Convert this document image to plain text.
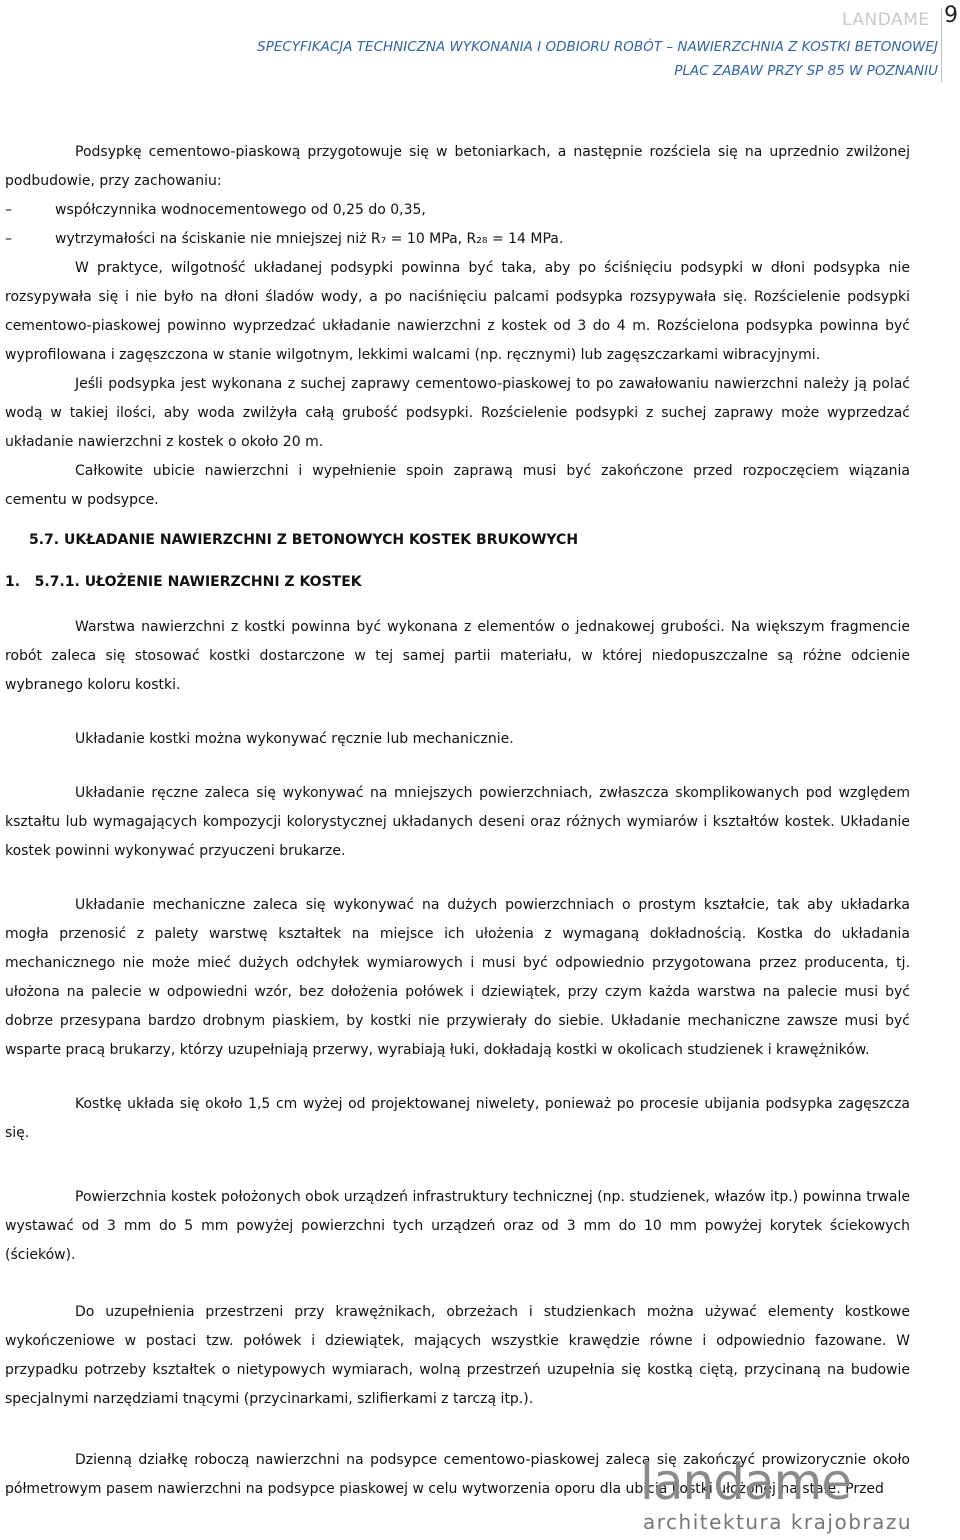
LANDAME 9
SPECYFIKACJA TECHNICZNA WYKONANIA I ODBIORU ROBÓT – NAWIERZCHNIA Z KOSTKI BETONOWEJ
PLAC ZABAW PRZY SP 85 W POZNANIU

Podsypkę cementowo-piaskową przygotowuje się w betoniarkach, a następnie rozściela się na uprzednio zwilżonej podbudowie, przy zachowaniu:

–	współczynnika wodnocementowego od 0,25 do 0,35,
–	wytrzymałości na ściskanie nie mniejszej niż R₇ = 10 MPa, R₂₈ = 14 MPa.

W praktyce, wilgotność układanej podsypki powinna być taka, aby po ściśnięciu podsypki w dłoni podsypka nie rozsypywała się i nie było na dłoni śladów wody, a po naciśnięciu palcami podsypka rozsypywała się. Rozścielenie podsypki cementowo-piaskowej powinno wyprzedzać układanie nawierzchni z kostek od 3 do 4 m. Rozścielona podsypka powinna być wyprofilowana i zagęszczona w stanie wilgotnym, lekkimi walcami (np. ręcznymi) lub zagęszczarkami wibracyjnymi.

Jeśli podsypka jest wykonana z suchej zaprawy cementowo-piaskowej to po zawałowaniu nawierzchni należy ją polać wodą w takiej ilości, aby woda zwilżyła całą grubość podsypki. Rozścielenie podsypki z suchej zaprawy może wyprzedzać układanie nawierzchni z kostek o około 20 m.

Całkowite ubicie nawierzchni i wypełnienie spoin zaprawą musi być zakończone przed rozpoczęciem wiązania cementu w podsypce.

5.7. UKŁADANIE NAWIERZCHNI Z BETONOWYCH KOSTEK BRUKOWYCH
1.   5.7.1. UŁOŻENIE NAWIERZCHNI Z KOSTEK

Warstwa nawierzchni z kostki powinna być wykonana z elementów o jednakowej grubości. Na większym fragmencie robót zaleca się stosować kostki dostarczone w tej samej partii materiału, w której niedopuszczalne są różne odcienie wybranego koloru kostki.

Układanie kostki można wykonywać ręcznie lub mechanicznie.

Układanie ręczne zaleca się wykonywać na mniejszych powierzchniach, zwłaszcza skomplikowanych pod względem kształtu lub wymagających kompozycji kolorystycznej układanych deseni oraz różnych wymiarów i kształtów kostek. Układanie kostek powinni wykonywać przyuczeni brukarze.

Układanie mechaniczne zaleca się wykonywać na dużych powierzchniach o prostym kształcie, tak aby układarka mogła przenosić z palety warstwę kształtek na miejsce ich ułożenia z wymaganą dokładnością. Kostka do układania mechanicznego nie może mieć dużych odchyłek wymiarowych i musi być odpowiednio przygotowana przez producenta, tj. ułożona na palecie w odpowiedni wzór, bez dołożenia połówek i dziewiątek, przy czym każda warstwa na palecie musi być dobrze przesypana bardzo drobnym piaskiem, by kostki nie przywierały do siebie. Układanie mechaniczne zawsze musi być wsparte pracą brukarzy, którzy uzupełniają przerwy, wyrabiają łuki, dokładają kostki w okolicach studzienek i krawężników.

Kostkę układa się około 1,5 cm wyżej od projektowanej niwelety, ponieważ po procesie ubijania podsypka zagęszcza się.

Powierzchnia kostek położonych obok urządzeń infrastruktury technicznej (np. studzienek, włazów itp.) powinna trwale wystawać od 3 mm do 5 mm powyżej powierzchni tych urządzeń oraz od 3 mm do 10 mm powyżej korytek ściekowych (ścieków).

Do uzupełnienia przestrzeni przy krawężnikach, obrzeżach i studzienkach można używać elementy kostkowe wykończeniowe w postaci tzw. połówek i dziewiątek, mających wszystkie krawędzie równe i odpowiednio fazowane. W przypadku potrzeby kształtek o nietypowych wymiarach, wolną przestrzeń uzupełnia się kostką ciętą, przycinaną na budowie specjalnymi narzędziami tnącymi (przycinarkami, szlifierkami z tarczą itp.).

Dzienną działkę roboczą nawierzchni na podsypce cementowo-piaskowej zaleca się zakończyć prowizorycznie około półmetrowym pasem nawierzchni na podsypce piaskowej w celu wytworzenia oporu dla ubicia kostki ułożonej na stałe. Przed

landame
architektura krajobrazu
